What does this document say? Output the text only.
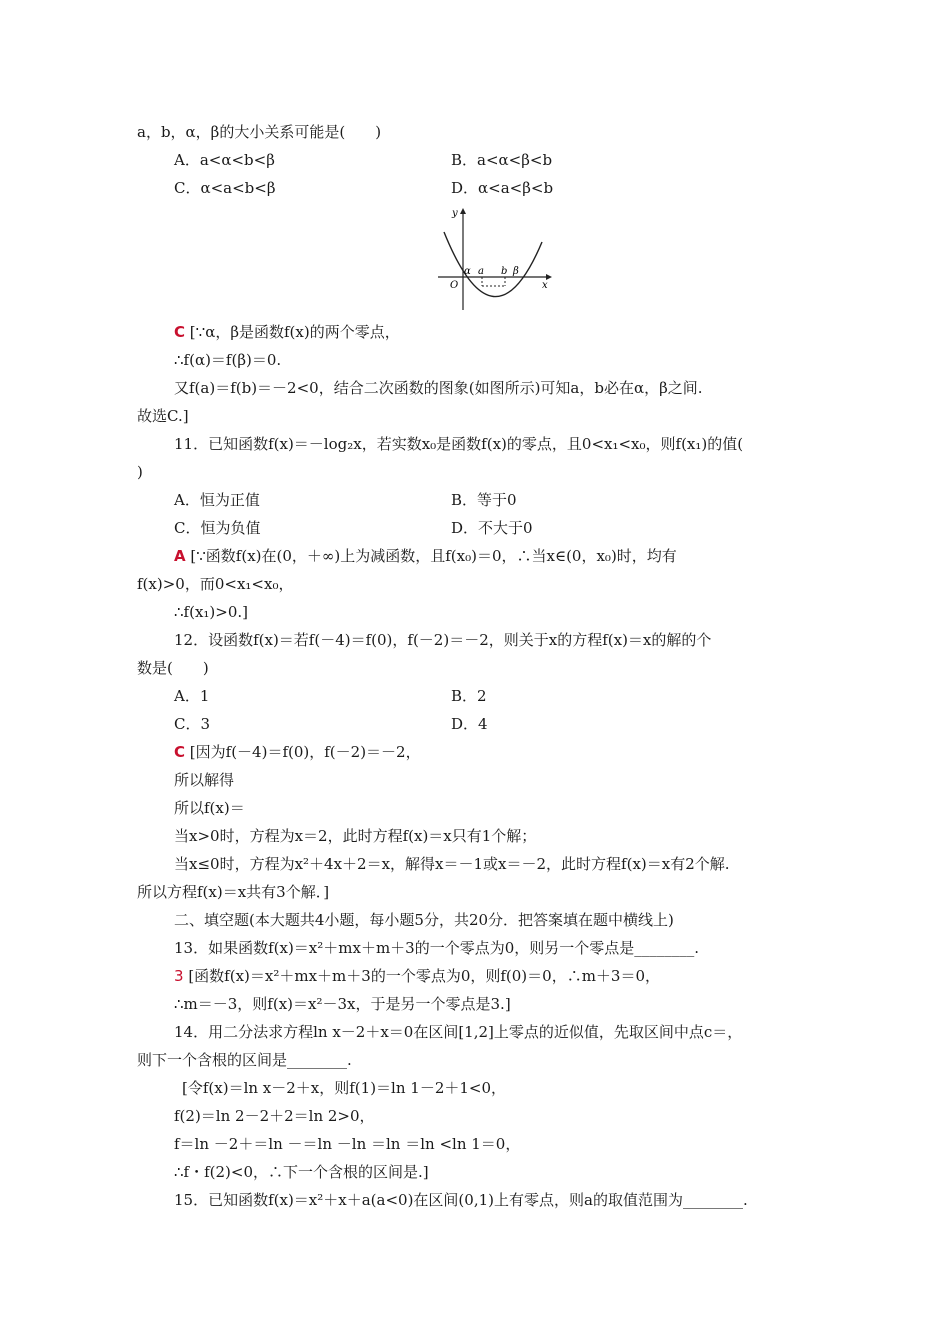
a，b，α，β的大小关系可能是(　　)
A．a<α<b<β	B．a<α<β<b
C．α<a<b<β	D．α<a<β<b
y
x
O
α a b β
C [∵α，β是函数f(x)的两个零点，
∴f(α)＝f(β)＝0.
又f(a)＝f(b)＝－2<0，结合二次函数的图象(如图所示)可知a，b必在α，β之间.
故选C.]
11．已知函数f(x)＝－log₂x，若实数x₀是函数f(x)的零点，且0<x₁<x₀，则f(x₁)的值(
)
A．恒为正值	B．等于0
C．恒为负值	D．不大于0
A [∵函数f(x)在(0，＋∞)上为减函数，且f(x₀)＝0，∴当x∈(0，x₀)时，均有
f(x)>0，而0<x₁<x₀，
∴f(x₁)>0.]
12．设函数f(x)＝若f(－4)＝f(0)，f(－2)＝－2，则关于x的方程f(x)＝x的解的个
数是(　　)
A．1	B．2
C．3	D．4
C [因为f(－4)＝f(0)，f(－2)＝－2，
所以解得
所以f(x)＝
当x>0时，方程为x＝2，此时方程f(x)＝x只有1个解；
当x≤0时，方程为x²＋4x＋2＝x，解得x＝－1或x＝－2，此时方程f(x)＝x有2个解.
所以方程f(x)＝x共有3个解．]
二、填空题(本大题共4小题，每小题5分，共20分．把答案填在题中横线上)
13．如果函数f(x)＝x²＋mx＋m＋3的一个零点为0，则另一个零点是________.
3 [函数f(x)＝x²＋mx＋m＋3的一个零点为0，则f(0)＝0，∴m＋3＝0，
∴m＝－3，则f(x)＝x²－3x，于是另一个零点是3.]
14．用二分法求方程ln x－2＋x＝0在区间[1,2]上零点的近似值，先取区间中点c＝，
则下一个含根的区间是________.
[令f(x)＝ln x－2＋x，则f(1)＝ln 1－2＋1<0，
f(2)＝ln 2－2＋2＝ln 2>0，
f＝ln －2＋＝ln －＝ln －ln ＝ln ＝ln <ln 1＝0，
∴f・f(2)<0，∴下一个含根的区间是.]
15．已知函数f(x)＝x²＋x＋a(a<0)在区间(0,1)上有零点，则a的取值范围为________.
